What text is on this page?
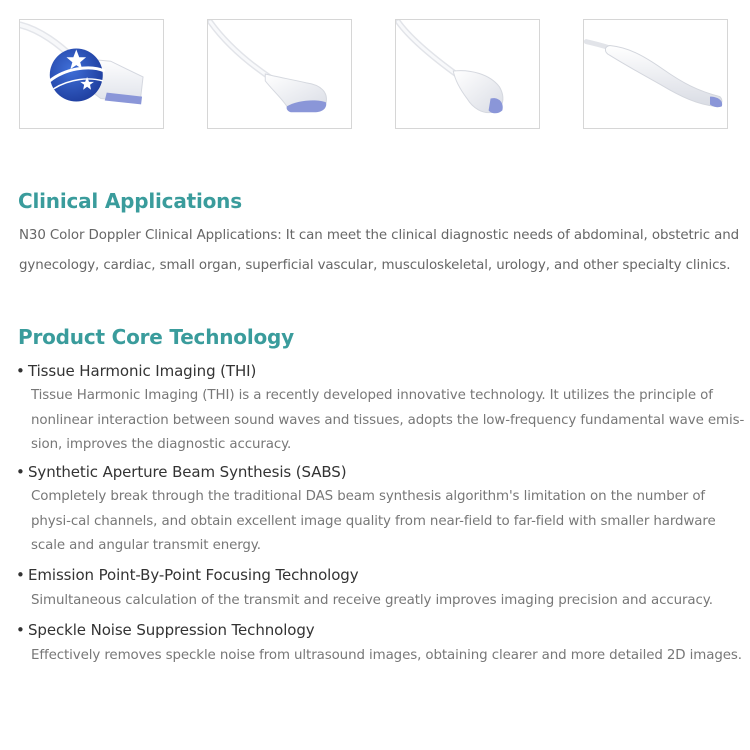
Clinical Applications

N30 Color Doppler Clinical Applications: It can meet the clinical diagnostic needs of abdominal, obstetric and gynecology, cardiac, small organ, superficial vascular, musculoskeletal, urology, and other specialty clinics.

Product Core Technology

• Tissue Harmonic Imaging (THI)

Tissue Harmonic Imaging (THI) is a recently developed innovative technology. It utilizes the principle of nonlinear interaction between sound waves and tissues, adopts the low-frequency fundamental wave emis-sion, improves the diagnostic accuracy.

• Synthetic Aperture Beam Synthesis (SABS)

Completely break through the traditional DAS beam synthesis algorithm's limitation on the number of physi-cal channels, and obtain excellent image quality from near-field to far-field with smaller hardware scale and angular transmit energy.

• Emission Point-By-Point Focusing Technology

Simultaneous calculation of the transmit and receive greatly improves imaging precision and accuracy.

• Speckle Noise Suppression Technology

Effectively removes speckle noise from ultrasound images, obtaining clearer and more detailed 2D images.
